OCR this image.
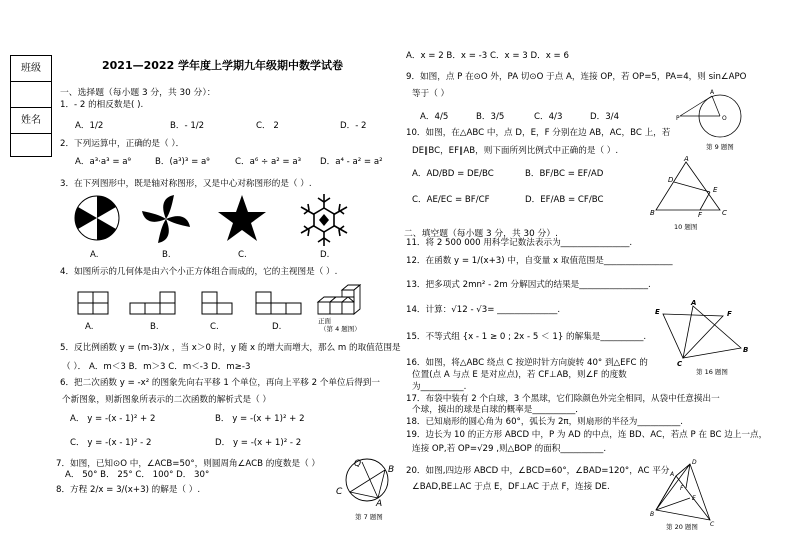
班级
姓名
2021—2022 学年度上学期九年级期中数学试卷
一、选择题（每小题 3 分，共 30 分）：
1．- 2 的相反数是( ).
A．1/2	B．- 1/2	C． 2	D．- 2
2．下列运算中，正确的是（ ）．
A．a³·a³ = a⁹	B．(a³)³ = a⁹	C．a⁶ ÷ a² = a³ D．a⁴ - a² = a²
3．在下列图形中，既是轴对称图形，又是中心对称图形的是（ ）.
A.	B.	C.	D.
4．如图所示的几何体是由六个小正方体组合而成的，它的主视图是（ ）.
正面
（第 4 题图）
A.	B.	C.	D.
5．反比例函数 y = (m-3)/x ，当 x＞0 时，y 随 x 的增大而增大，那么 m 的取值范围是
（ ）． A．m＜3 B．m＞3 C．m＜-3 D．m≥-3
6．把二次函数 y = -x² 的图象先向右平移 1 个单位，再向上平移 2 个单位后得到一
个新图象，则新图象所表示的二次函数的解析式是（ ）
A． y = -(x - 1)² + 2	B． y = -(x + 1)² + 2
C． y = -(x - 1)² - 2	D． y = -(x + 1)² - 2
7．如图，已知⊙O 中，∠ACB=50°，则圆周角∠ACB 的度数是（ ）
A． 50° B． 25° C． 100° D． 30°
Q
B
C
A
第 7 题图
8．方程 2/x = 3/(x+3) 的解是（ ）.
A．x = 2 B．x = -3 C．x = 3 D．x = 6
9．如图，点 P 在⊙O 外，PA 切⊙O 于点 A，连接 OP，若 OP=5，PA=4，则 sin∠APO
等于（ ）
A．4/5	B．3/5	C．4/3	D．3/4
A
P	O
第 9 题图
10．如图，在△ABC 中，点 D，E，F 分别在边 AB，AC，BC 上，若
DE∥BC，EF∥AB，则下面所列比例式中正确的是（ ）.
A．AD/BD = DE/BC	B．BF/BC = EF/AD
C．AE/EC = BF/CF	D．EF/AB = CF/BC
A
B	C
D
E
F
10 题图
二、填空题（每小题 3 分，共 30 分）.
11．将 2 500 000 用科学记数法表示为________________.
12．在函数 y = 1/(x+3) 中，自变量 x 取值范围是________________
13．把多项式 2mn² - 2m 分解因式的结果是________________.
14．计算：√12 - √3= ______________.
15．不等式组 {x - 1 ≥ 0 ; 2x - 5 ＜ 1} 的解集是__________.
16．如图，将△ABC 绕点 C 按逆时针方向旋转 40° 到△EFC 的
位置(点 A 与点 E 是对应点)，若 CF⊥AB，则∠F 的度数
为__________.
A
E	F
C
B
第 16 题图
17．布袋中装有 2 个白球，3 个黑球，它们除颜色外完全相同，从袋中任意摸出一
个球，摸出的球是白球的概率是__________．
18．已知扇形的圆心角为 60°，弧长为 2π，则扇形的半径为__________.
19．边长为 10 的正方形 ABCD 中，P 为 AD 的中点，连 BD、AC，若点 P 在 BC 边上一点，
连接 OP,若 OP=√29 ,则△BOP 的面积__________.
20．如图,四边形 ABCD 中，∠BCD=60°，∠BAD=120°，AC 平分
∠BAD,BE⊥AC 于点 E，DF⊥AC 于点 F，连接 DE.
A
B
C
D
E
F
第 20 题图
